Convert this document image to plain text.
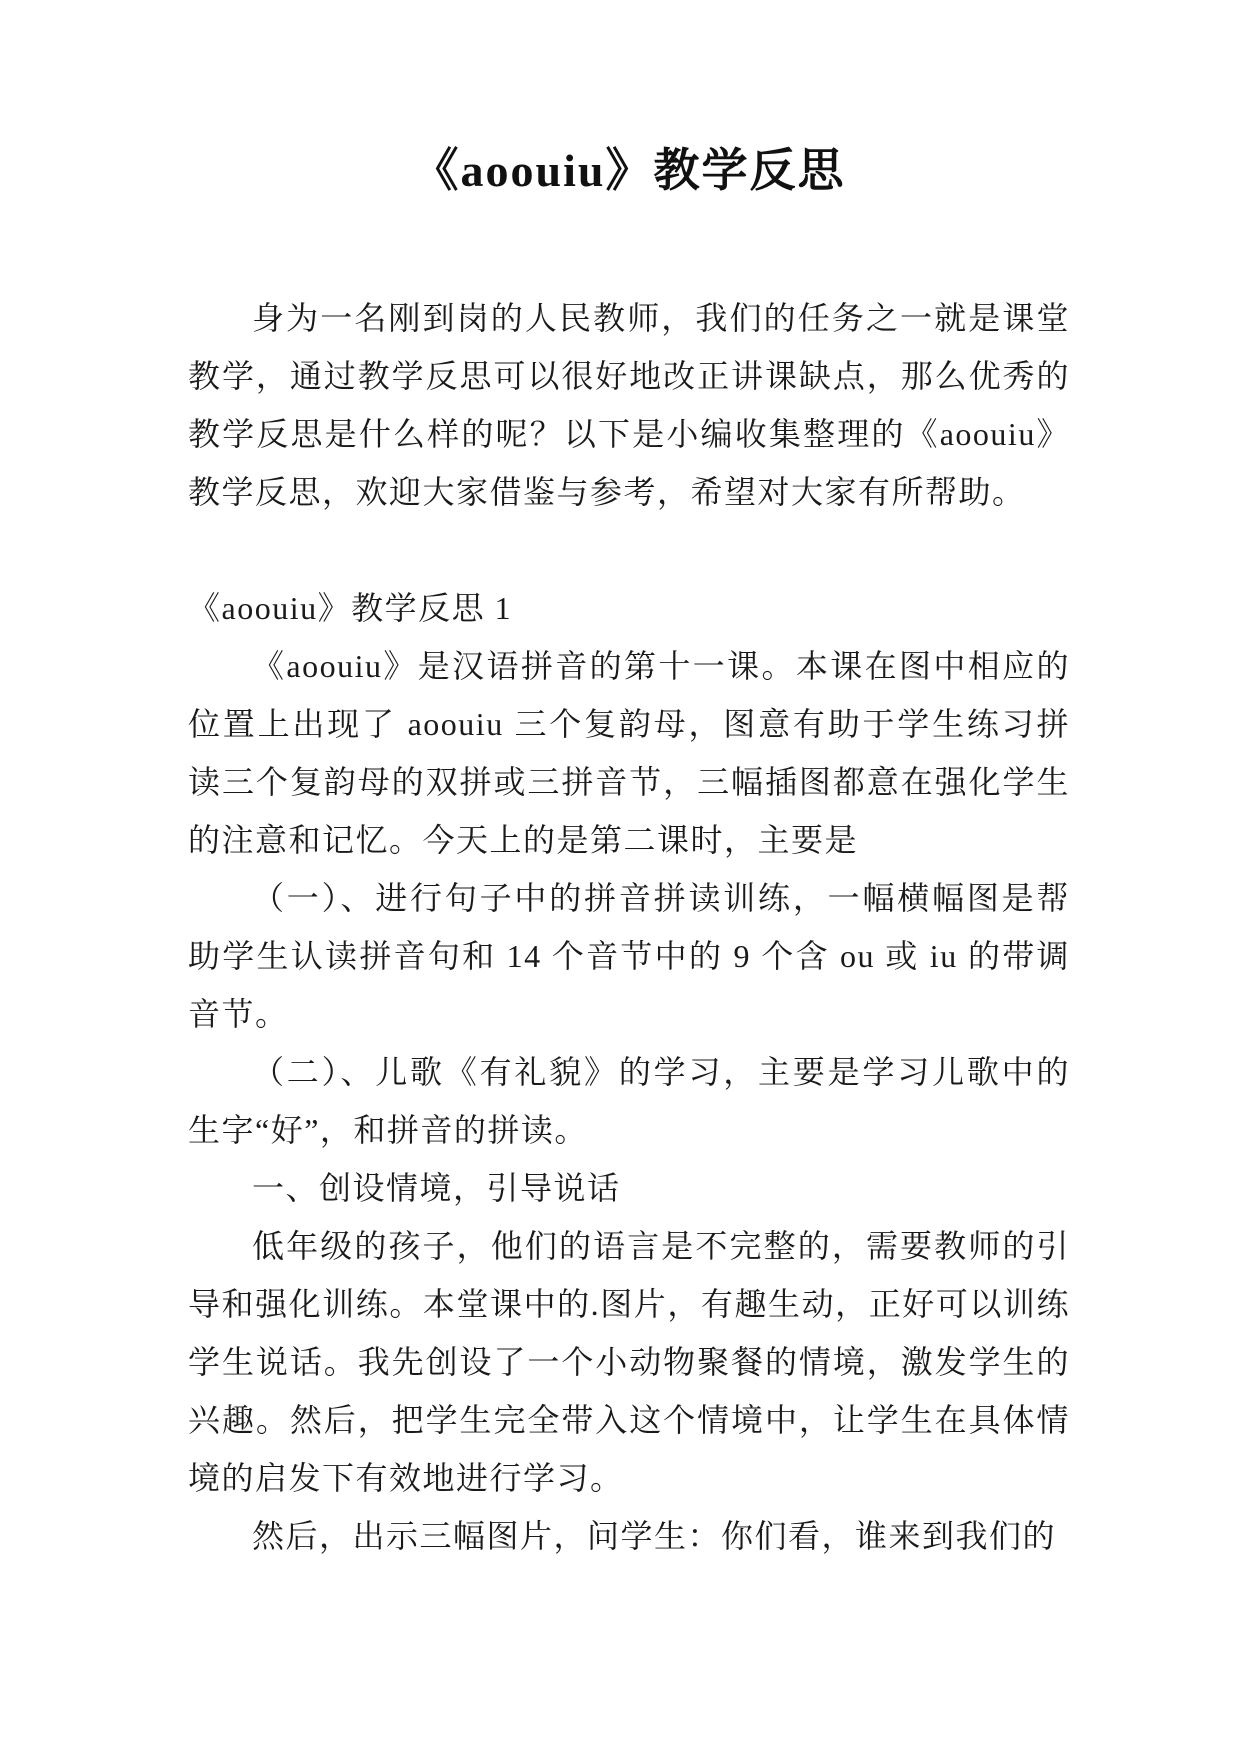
《aoouiu》教学反思

身为一名刚到岗的人民教师，我们的任务之一就是课堂教学，通过教学反思可以很好地改正讲课缺点，那么优秀的教学反思是什么样的呢？以下是小编收集整理的《aoouiu》教学反思，欢迎大家借鉴与参考，希望对大家有所帮助。

《aoouiu》教学反思 1

《aoouiu》是汉语拼音的第十一课。本课在图中相应的位置上出现了 aoouiu 三个复韵母，图意有助于学生练习拼读三个复韵母的双拼或三拼音节，三幅插图都意在强化学生的注意和记忆。今天上的是第二课时，主要是

（一）、进行句子中的拼音拼读训练，一幅横幅图是帮助学生认读拼音句和 14 个音节中的 9 个含 ou 或 iu 的带调音节。

（二）、儿歌《有礼貌》的学习，主要是学习儿歌中的生字“好”，和拼音的拼读。

一、创设情境，引导说话

低年级的孩子，他们的语言是不完整的，需要教师的引导和强化训练。本堂课中的.图片，有趣生动，正好可以训练学生说话。我先创设了一个小动物聚餐的情境，激发学生的兴趣。然后，把学生完全带入这个情境中，让学生在具体情境的启发下有效地进行学习。

然后，出示三幅图片，问学生：你们看，谁来到我们的
